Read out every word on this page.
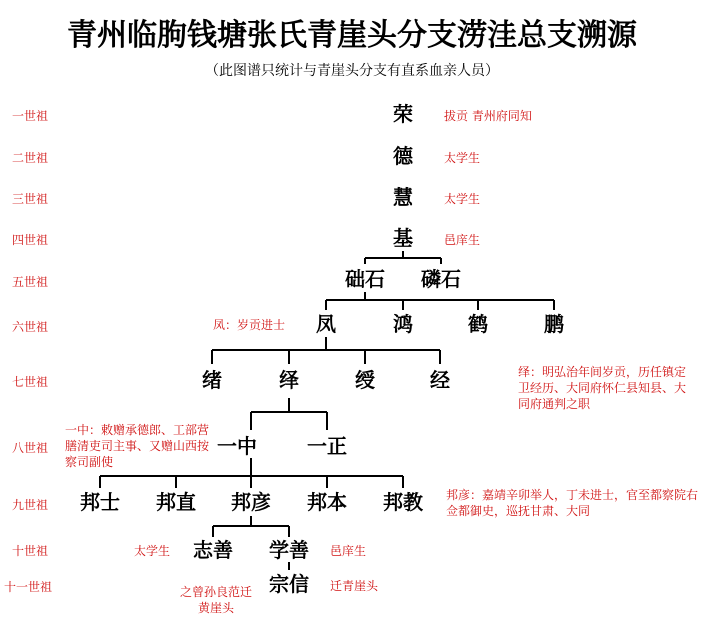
青州临朐钱塘张氏青崖头分支涝洼总支溯源
（此图谱只统计与青崖头分支有直系血亲人员）
一世祖
二世祖
三世祖
四世祖
五世祖
六世祖
七世祖
八世祖
九世祖
十世祖
十一世祖
荣
德
慧
基
拔贡 青州府同知
太学生
太学生
邑庠生
础石 磷石
凤	鸿	鹤	鹏
凤：岁贡进士
绪	绎	绶	经	绎：明弘治年间岁贡，历任镇定卫经历、大同府怀仁县知县、大同府通判之职
一中	一正
一中：敕赠承德郎、工部营膳清吏司主事、又赠山西按察司副使
邦士 邦直 邦彦 邦本 邦教 邦彦：嘉靖辛卯举人，丁未进士，官至都察院右佥都御史，巡抚甘肃、大同
志善 学善
太学生	邑庠生
宗信
之曾孙良范迁黄崖头
迁青崖头
